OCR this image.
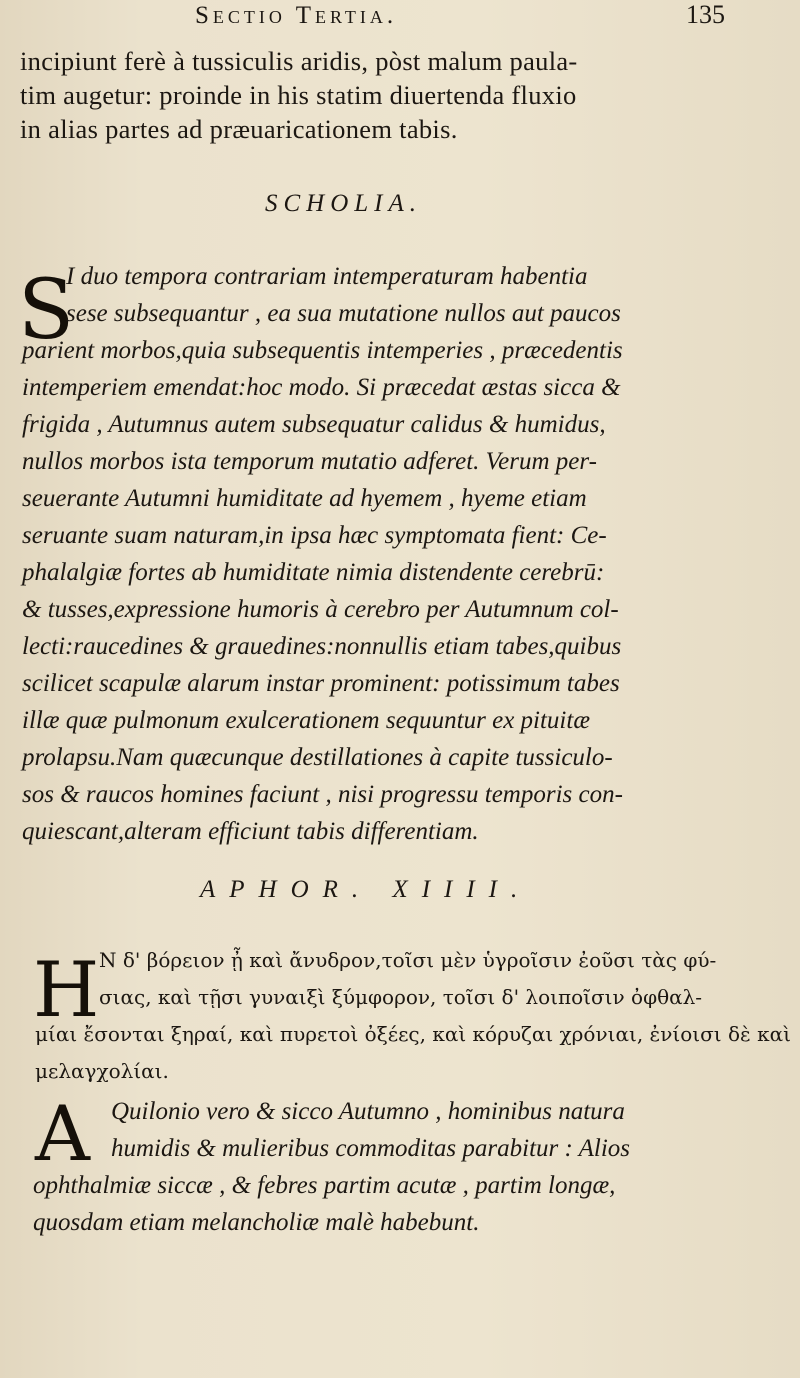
Sectio Tertia.	135
incipiunt ferè à tussiculis aridis, pòst malum paula-
tim augetur: proinde in his statim diuertenda fluxio
in alias partes ad præuaricationem tabis.
SCHOLIA.
S
I duo tempora contrariam intemperaturam habentia
sese subsequantur , ea sua mutatione nullos aut paucos
parient morbos,quia subsequentis intemperies , præcedentis
intemperiem emendat:hoc modo. Si præcedat æstas sicca &
frigida , Autumnus autem subsequatur calidus & humidus,
nullos morbos ista temporum mutatio adferet. Verum per-
seuerante Autumni humiditate ad hyemem , hyeme etiam
seruante suam naturam,in ipsa hæc symptomata fient: Ce-
phalalgiæ fortes ab humiditate nimia distendente cerebrū:
& tusses,expressione humoris à cerebro per Autumnum col-
lecti:raucedines & grauedines:nonnullis etiam tabes,quibus
scilicet scapulæ alarum instar prominent: potissimum tabes
illæ quæ pulmonum exulcerationem sequuntur ex pituitæ
prolapsu.Nam quæcunque destillationes à capite tussiculo-
sos & raucos homines faciunt , nisi progressu temporis con-
quiescant,alteram efficiunt tabis differentiam.
APHOR. XIIII.
H Ν δ' βόρειον ᾖ καὶ ἄνυδρον,τοῖσι μὲν ὑγροῖσιν ἐοῦσι τὰς φύ-
σιας, καὶ τῇσι γυναιξὶ ξύμφορον, τοῖσι δ' λοιποῖσιν ὀφθαλ-
μίαι ἔσονται ξηραί, καὶ πυρετοὶ ὀξέες, καὶ κόρυζαι χρόνιαι, ἐνίοισι δὲ καὶ
μελαγχολίαι.
A Quilonio vero & sicco Autumno , hominibus natura
humidis & mulieribus commoditas parabitur : Alios
ophthalmiæ siccæ , & febres partim acutæ , partim longæ,
quosdam etiam melancholiæ malè habebunt.
